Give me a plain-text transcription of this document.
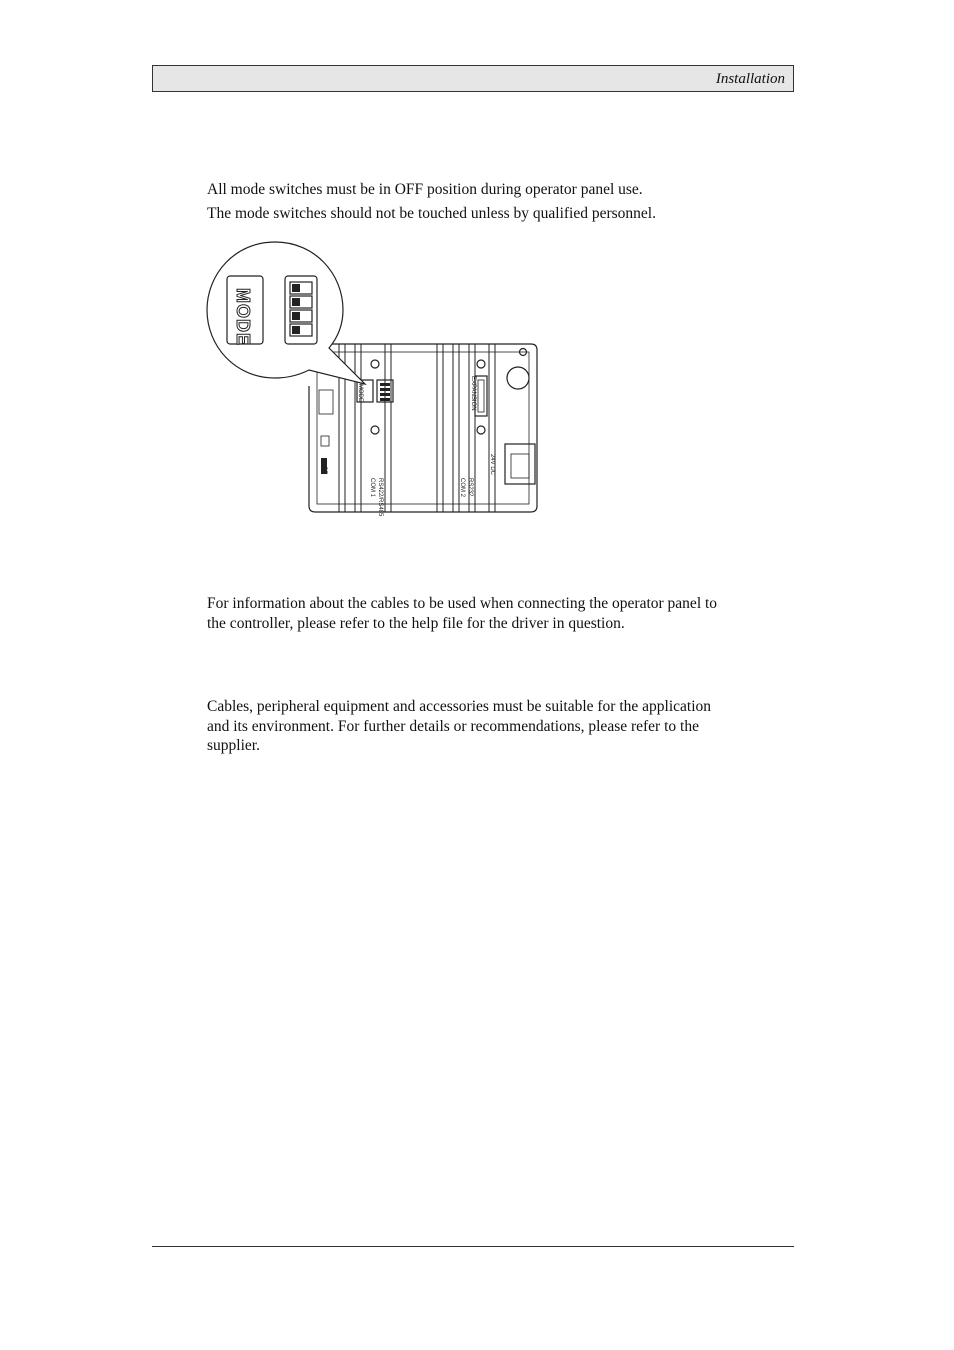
Installation

All mode switches must be in OFF position during operator panel use.
The mode switches should not be touched unless by qualified personnel.

COM 1 RS422/RS485	COM 2 RS232
24V DC
EXPANSION
MODE
CF
MODE

For information about the cables to be used when connecting the operator panel to
the controller, please refer to the help file for the driver in question.

Cables, peripheral equipment and accessories must be suitable for the application
and its environment. For further details or recommendations, please refer to the
supplier.
